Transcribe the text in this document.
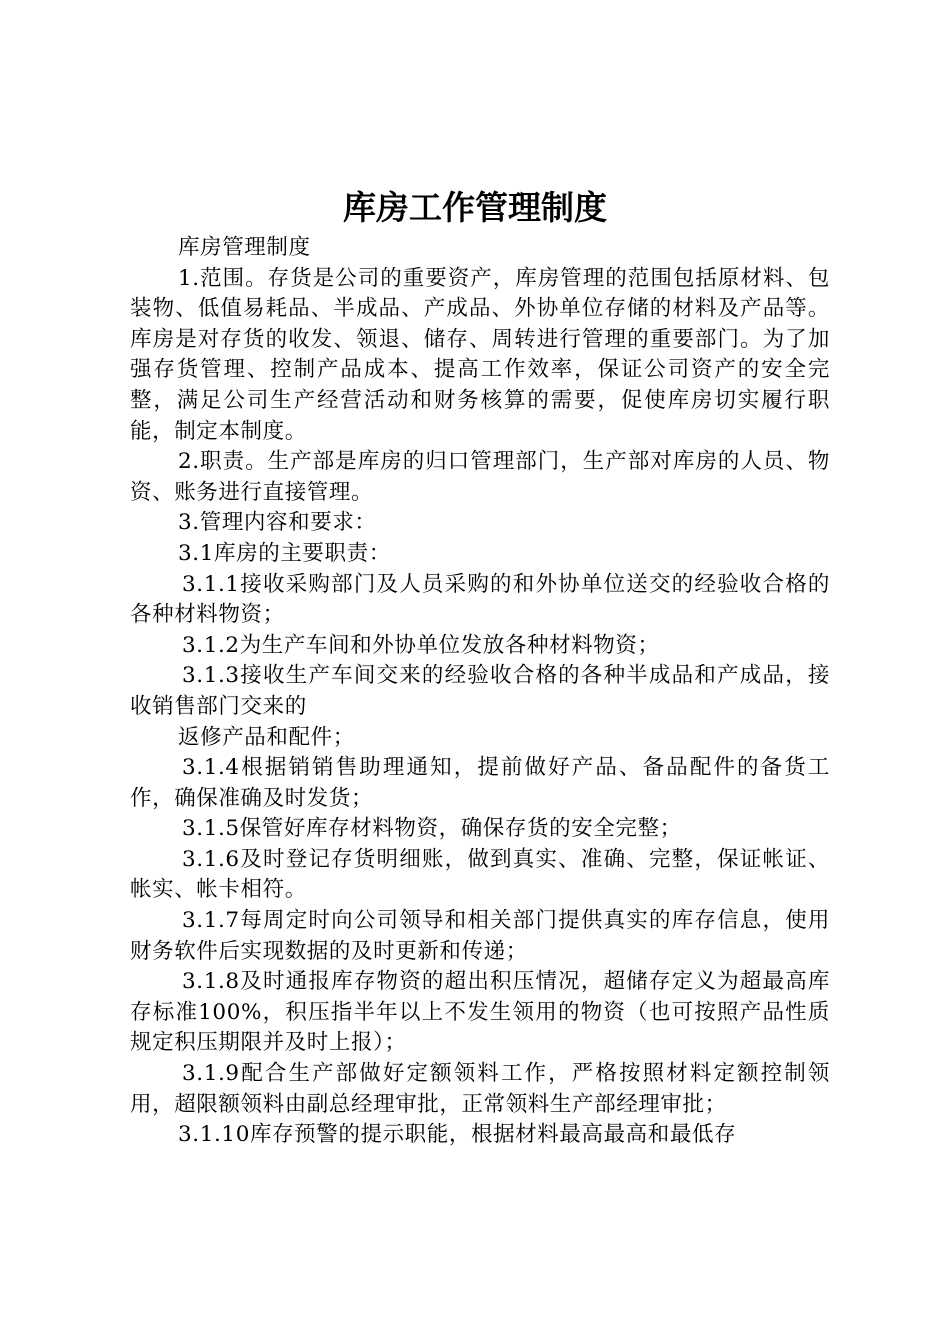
库房工作管理制度

库房管理制度

1.范围。存货是公司的重要资产，库房管理的范围包括原材料、包装物、低值易耗品、半成品、产成品、外协单位存储的材料及产品等。库房是对存货的收发、领退、储存、周转进行管理的重要部门。为了加强存货管理、控制产品成本、提高工作效率，保证公司资产的安全完整，满足公司生产经营活动和财务核算的需要，促使库房切实履行职能，制定本制度。

2.职责。生产部是库房的归口管理部门，生产部对库房的人员、物资、账务进行直接管理。

3.管理内容和要求：

3.1库房的主要职责：

3.1.1接收采购部门及人员采购的和外协单位送交的经验收合格的各种材料物资；

3.1.2为生产车间和外协单位发放各种材料物资；

3.1.3接收生产车间交来的经验收合格的各种半成品和产成品，接收销售部门交来的

返修产品和配件；

3.1.4根据销销售助理通知，提前做好产品、备品配件的备货工作，确保准确及时发货；

3.1.5保管好库存材料物资，确保存货的安全完整；

3.1.6及时登记存货明细账，做到真实、准确、完整，保证帐证、帐实、帐卡相符。

3.1.7每周定时向公司领导和相关部门提供真实的库存信息，使用财务软件后实现数据的及时更新和传递；

3.1.8及时通报库存物资的超出积压情况，超储存定义为超最高库存标准100%，积压指半年以上不发生领用的物资（也可按照产品性质规定积压期限并及时上报）；

3.1.9配合生产部做好定额领料工作，严格按照材料定额控制领用，超限额领料由副总经理审批，正常领料生产部经理审批；

3.1.10库存预警的提示职能，根据材料最高最高和最低存
